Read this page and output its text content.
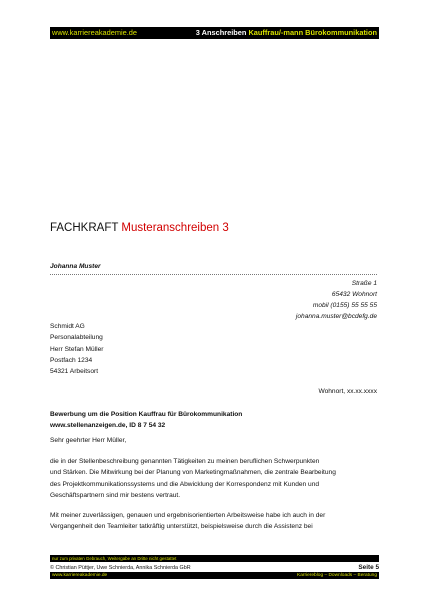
www.karriereakademie.de	3 Anschreiben Kauffrau/-mann Bürokommunikation
FACHKRAFT Musteranschreiben 3
Johanna Muster
Straße 1
65432 Wohnort
mobil (0155) 55 55 55
johanna.muster@bcdefg.de
Schmidt AG
Personalabteilung
Herr Stefan Müller
Postfach 1234
54321 Arbeitsort
Wohnort, xx.xx.xxxx
Bewerbung um die Position Kauffrau für Bürokommunikation
www.stellenanzeigen.de, ID 8 7 54 32
Sehr geehrter Herr Müller,
die in der Stellenbeschreibung genannten Tätigkeiten zu meinen beruflichen Schwerpunkten
und Stärken. Die Mitwirkung bei der Planung von Marketingmaßnahmen, die zentrale Bearbeitung
des Projektkommunikationssystems und die Abwicklung der Korrespondenz mit Kunden und
Geschäftspartnern sind mir bestens vertraut.
Mit meiner zuverlässigen, genauen und ergebnisorientierten Arbeitsweise habe ich auch in der
Vergangenheit den Teamleiter tatkräftig unterstützt, beispielsweise durch die Assistenz bei
nur zum privaten Gebrauch, Weitergabe an Dritte nicht gestattet
© Christian Püttjer, Uwe Schnierda, Annika Schnierda GbR	Seite 5
www.karriereakademie.de	Karriereblog – Downloads – Beratung
